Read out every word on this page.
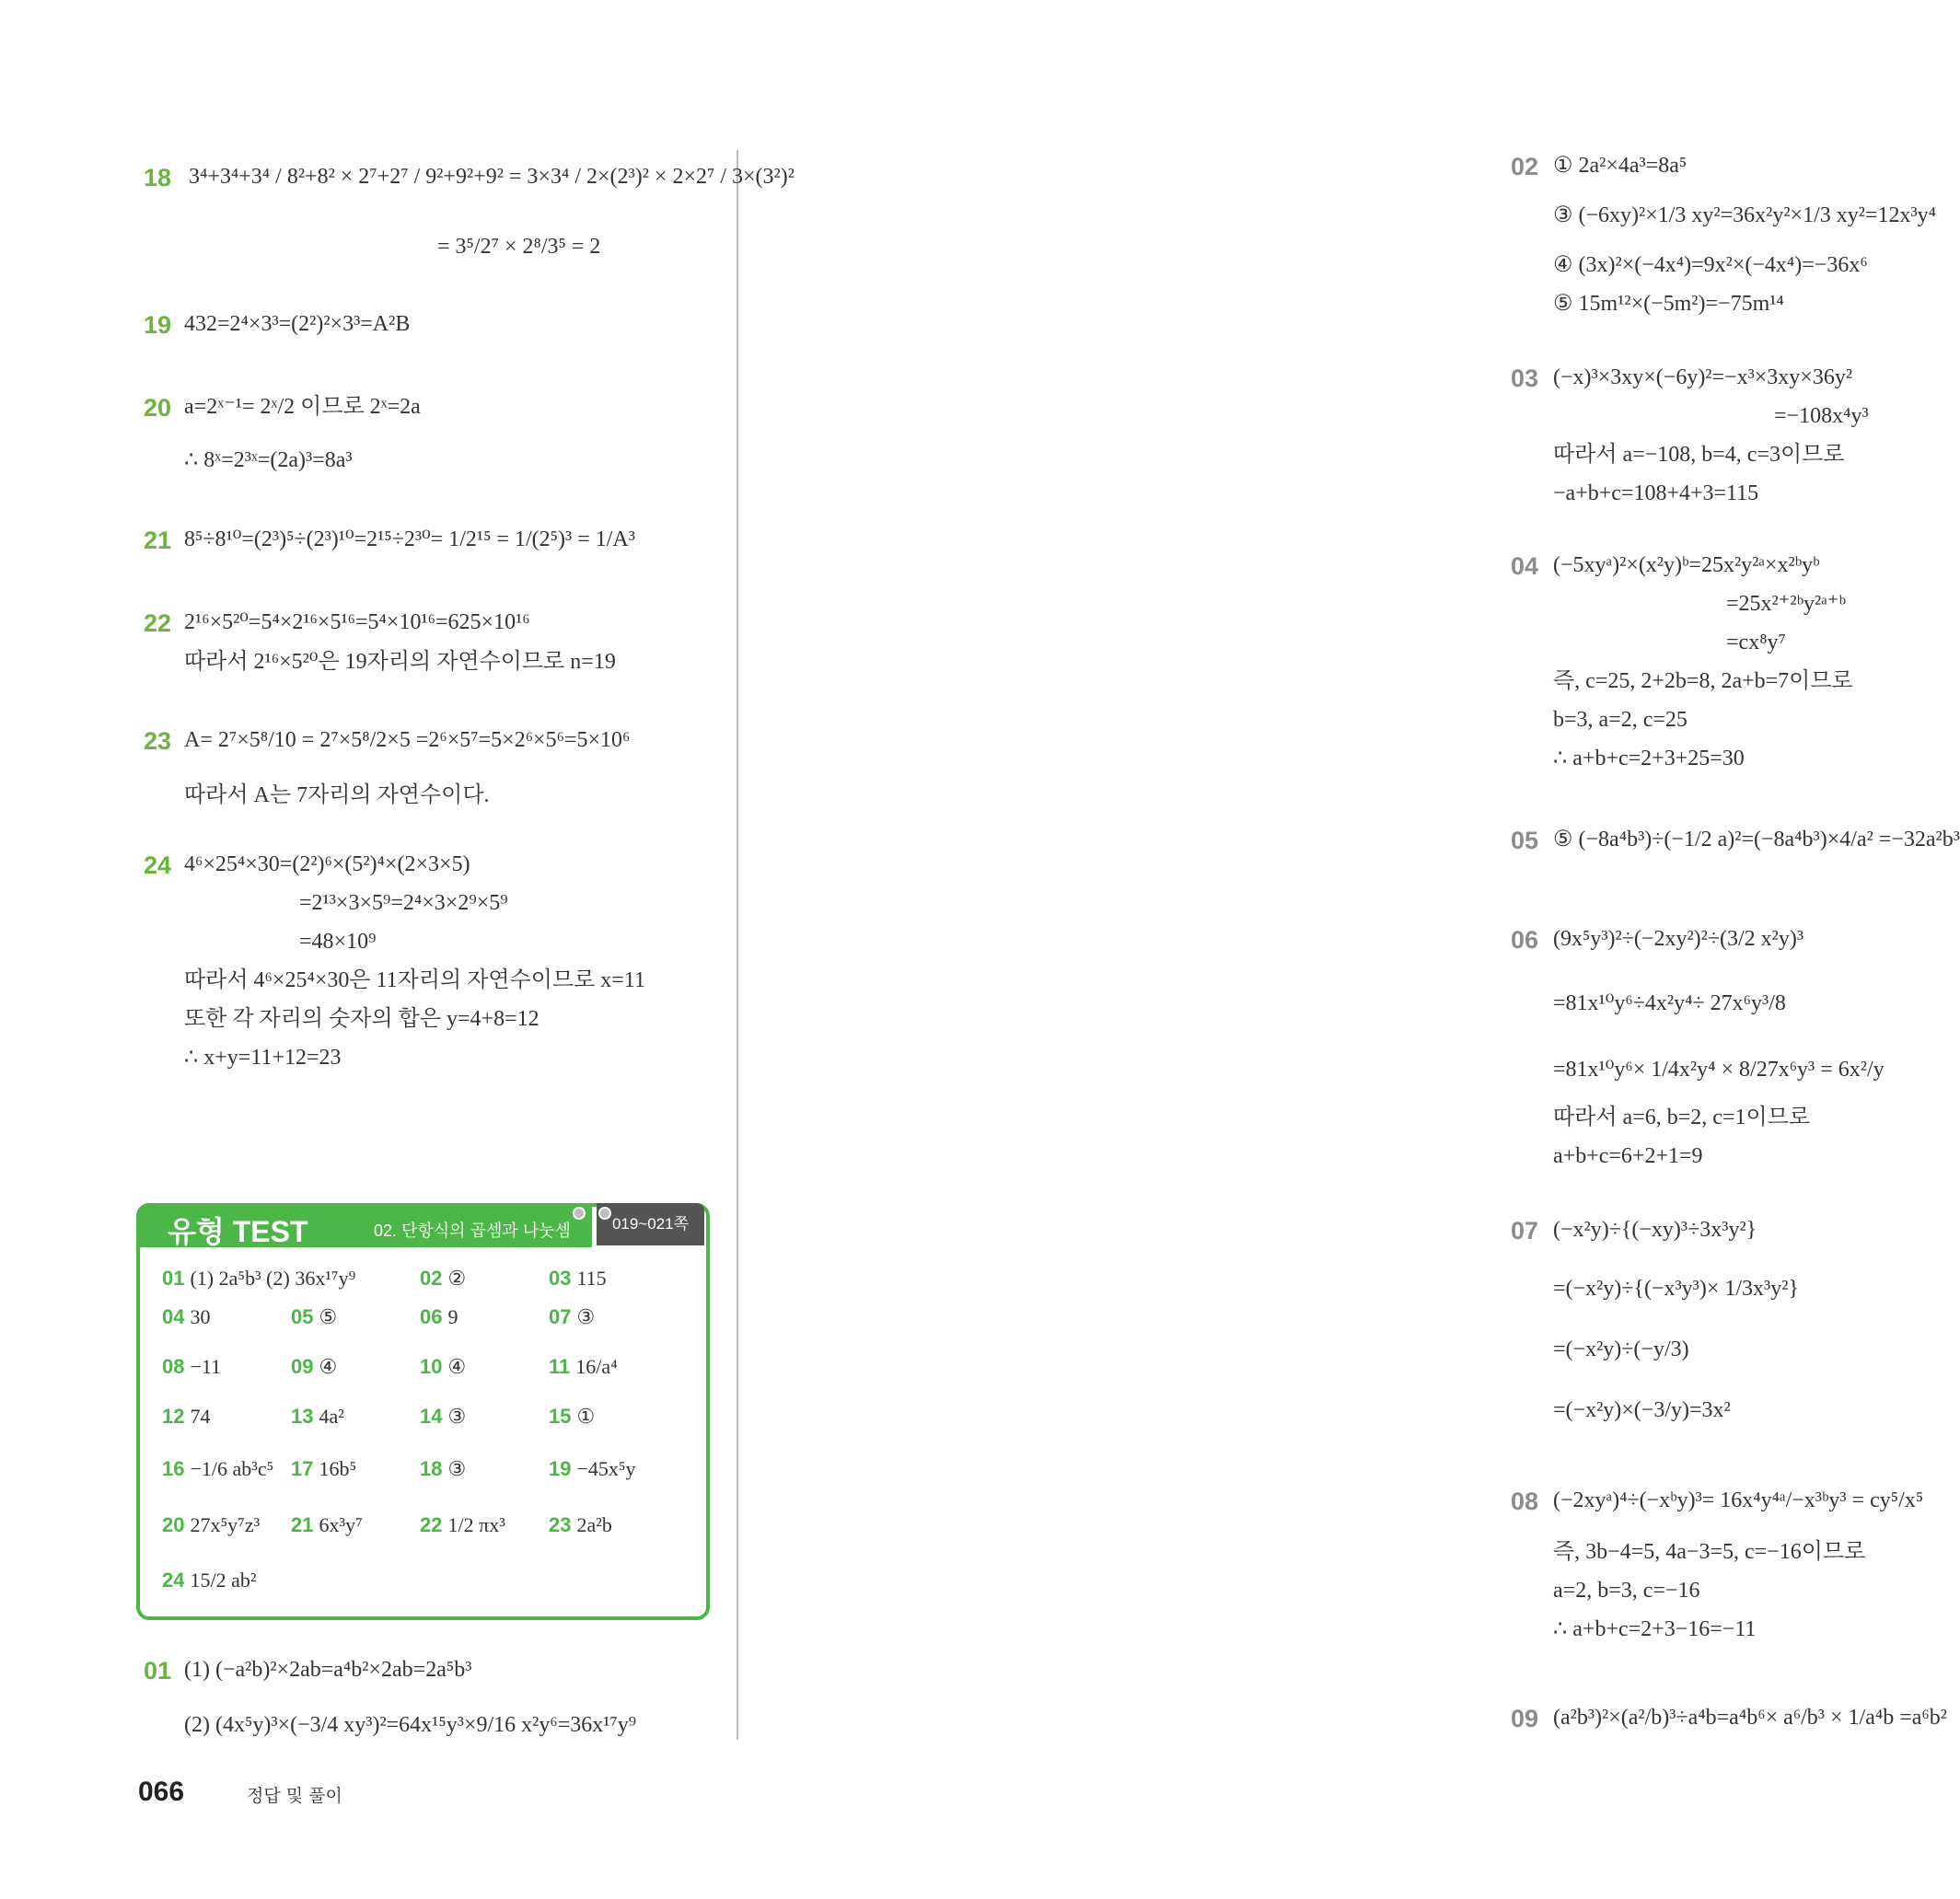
18 3⁴+3⁴+3⁴ / 8²+8² × 2⁷+2⁷ / 9²+9²+9² = 3×3⁴ / 2×(2³)² × 2×2⁷ / 3×(3²)²
= 3⁵/2⁷ × 2⁸/3⁵ = 2
19 432=2⁴×3³=(2²)²×3³=A²B
20 a=2ˣ⁻¹= 2ˣ/2 이므로 2ˣ=2a
∴ 8ˣ=2³ˣ=(2a)³=8a³
21 8⁵÷8¹⁰=(2³)⁵÷(2³)¹⁰=2¹⁵÷2³⁰= 1/2¹⁵ = 1/(2⁵)³ = 1/A³
22 2¹⁶×5²⁰=5⁴×2¹⁶×5¹⁶=5⁴×10¹⁶=625×10¹⁶
따라서 2¹⁶×5²⁰은 19자리의 자연수이므로 n=19
23 A= 2⁷×5⁸/10 = 2⁷×5⁸/2×5 =2⁶×5⁷=5×2⁶×5⁶=5×10⁶
따라서 A는 7자리의 자연수이다.
24 4⁶×25⁴×30=(2²)⁶×(5²)⁴×(2×3×5)
=2¹³×3×5⁹=2⁴×3×2⁹×5⁹
=48×10⁹
따라서 4⁶×25⁴×30은 11자리의 자연수이므로 x=11
또한 각 자리의 숫자의 합은 y=4+8=12
∴ x+y=11+12=23
유형 TEST	02. 단항식의 곱셈과 나눗셈	019~021쪽
01 (1) 2a⁵b³ (2) 36x¹⁷y⁹	02 ②	03 115
04 30	05 ⑤	06 9	07 ③
08 −11	09 ④	10 ④	11 16/a⁴
12 74	13 4a²	14 ③	15 ①
16 −1/6 ab³c⁵ 17 16b⁵	18 ③	19 −45x⁵y
20 27x⁵y⁷z³ 21 6x³y⁷	22 1/2 πx³ 23 2a²b
24 15/2 ab²
01 (1) (−a²b)²×2ab=a⁴b²×2ab=2a⁵b³
(2) (4x⁵y)³×(−3/4 xy³)²=64x¹⁵y³×9/16 x²y⁶=36x¹⁷y⁹
02 ① 2a²×4a³=8a⁵
③ (−6xy)²×1/3 xy²=36x²y²×1/3 xy²=12x³y⁴
④ (3x)²×(−4x⁴)=9x²×(−4x⁴)=−36x⁶
⑤ 15m¹²×(−5m²)=−75m¹⁴
03 (−x)³×3xy×(−6y)²=−x³×3xy×36y²
=−108x⁴y³
따라서 a=−108, b=4, c=3이므로
−a+b+c=108+4+3=115
04 (−5xyᵃ)²×(x²y)ᵇ=25x²y²ᵃ×x²ᵇyᵇ
=25x²⁺²ᵇy²ᵃ⁺ᵇ
=cx⁸y⁷
즉, c=25, 2+2b=8, 2a+b=7이므로
b=3, a=2, c=25
∴ a+b+c=2+3+25=30
05 ⑤ (−8a⁴b³)÷(−1/2 a)²=(−8a⁴b³)×4/a² =−32a²b³
06 (9x⁵y³)²÷(−2xy²)²÷(3/2 x²y)³
=81x¹⁰y⁶÷4x²y⁴÷ 27x⁶y³/8
=81x¹⁰y⁶× 1/4x²y⁴ × 8/27x⁶y³ = 6x²/y
따라서 a=6, b=2, c=1이므로
a+b+c=6+2+1=9
07 (−x²y)÷{(−xy)³÷3x³y²}
=(−x²y)÷{(−x³y³)× 1/3x³y²}
=(−x²y)÷(−y/3)
=(−x²y)×(−3/y)=3x²
08 (−2xyᵃ)⁴÷(−xᵇy)³= 16x⁴y⁴ᵃ/−x³ᵇy³ = cy⁵/x⁵
즉, 3b−4=5, 4a−3=5, c=−16이므로
a=2, b=3, c=−16
∴ a+b+c=2+3−16=−11
09 (a²b³)²×(a²/b)³÷a⁴b=a⁴b⁶× a⁶/b³ × 1/a⁴b =a⁶b²
066	정답 및 풀이
